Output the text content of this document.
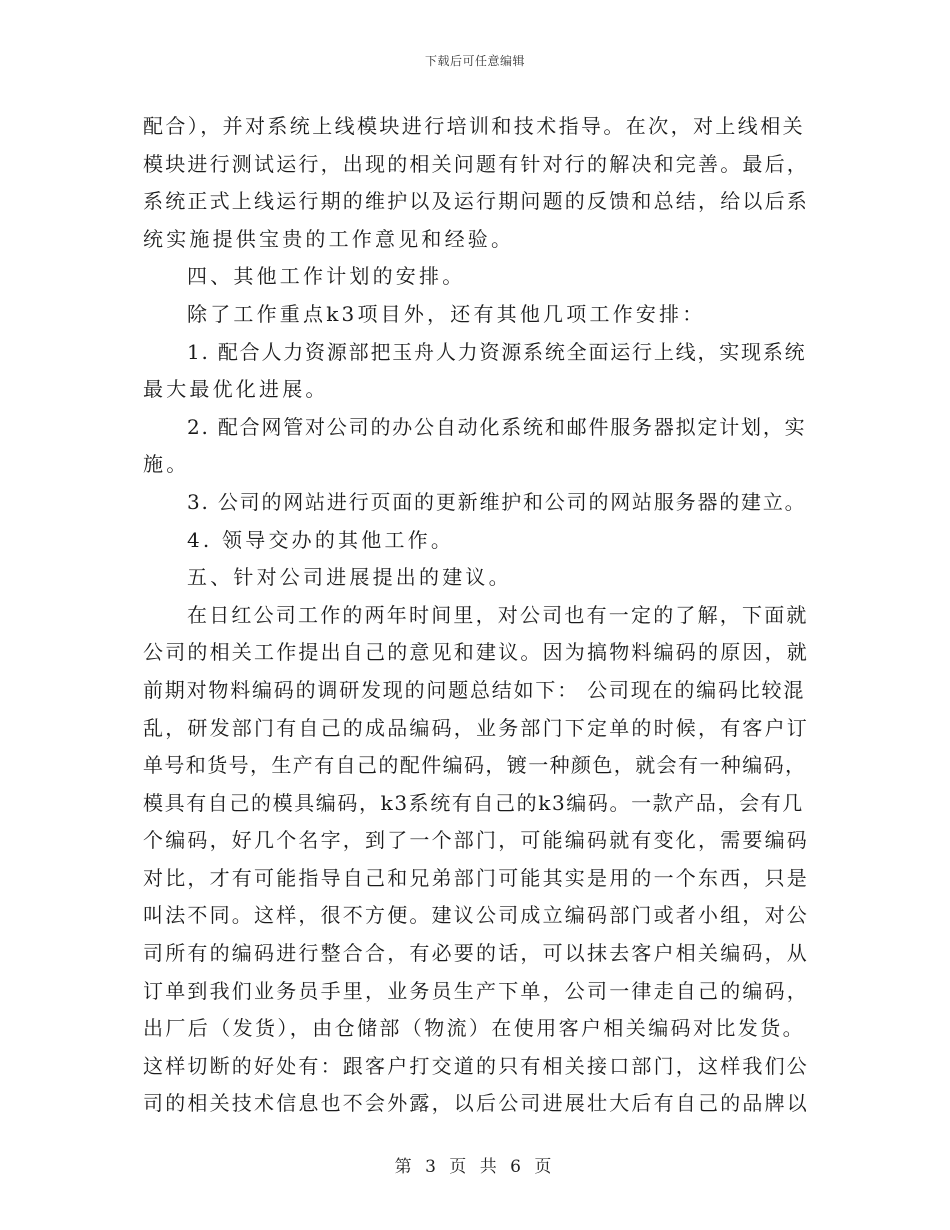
下载后可任意编辑
配合），并对系统上线模块进行培训和技术指导。在次，对上线相关
模块进行测试运行，出现的相关问题有针对行的解决和完善。最后，
系统正式上线运行期的维护以及运行期问题的反馈和总结，给以后系
统实施提供宝贵的工作意见和经验。
四、其他工作计划的安排。
除了工作重点k3项目外，还有其他几项工作安排：
1. 配合人力资源部把玉舟人力资源系统全面运行上线，实现系统
最大最优化进展。
2. 配合网管对公司的办公自动化系统和邮件服务器拟定计划，实
施。
3. 公司的网站进行页面的更新维护和公司的网站服务器的建立。
4. 领导交办的其他工作。
五、针对公司进展提出的建议。
在日红公司工作的两年时间里，对公司也有一定的了解，下面就
公司的相关工作提出自己的意见和建议。因为搞物料编码的原因，就
前期对物料编码的调研发现的问题总结如下： 公司现在的编码比较混
乱，研发部门有自己的成品编码，业务部门下定单的时候，有客户订
单号和货号，生产有自己的配件编码，镀一种颜色，就会有一种编码，
模具有自己的模具编码，k3系统有自己的k3编码。一款产品，会有几
个编码，好几个名字，到了一个部门，可能编码就有变化，需要编码
对比，才有可能指导自己和兄弟部门可能其实是用的一个东西，只是
叫法不同。这样，很不方便。建议公司成立编码部门或者小组，对公
司所有的编码进行整合合，有必要的话，可以抹去客户相关编码，从
订单到我们业务员手里，业务员生产下单，公司一律走自己的编码，
出厂后（发货），由仓储部（物流）在使用客户相关编码对比发货。
这样切断的好处有：跟客户打交道的只有相关接口部门，这样我们公
司的相关技术信息也不会外露，以后公司进展壮大后有自己的品牌以
第 3 页 共 6 页
